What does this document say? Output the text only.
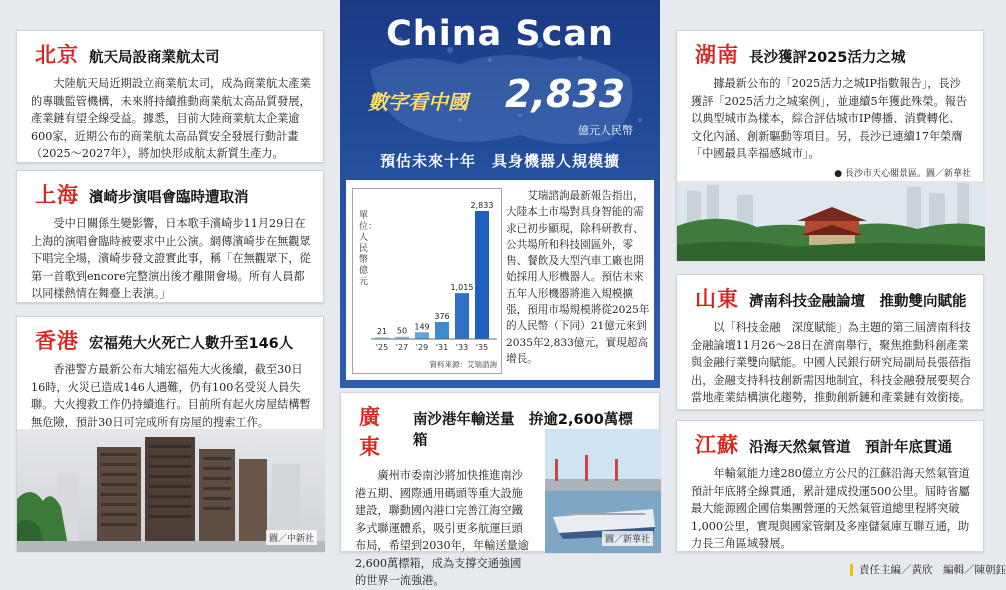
北京 航天局設商業航太司
大陸航天局近期設立商業航太司，成為商業航太產業的專職監管機構，未來將持續推動商業航太高品質發展，產業鏈有望全線受益。據悉，目前大陸商業航太企業逾600家，近期公布的商業航太高品質安全發展行動計畫（2025～2027年），將加快形成航太新質生產力。
上海 濱崎步演唱會臨時遭取消
受中日關係生變影響，日本歌手濱崎步11月29日在上海的演唱會臨時被要求中止公演。網傳濱崎步在無觀眾下唱完全場，濱崎步發文證實此事，稱「在無觀眾下，從第一首歌到encore完整演出後才離開會場。所有人員都以同樣熱情在舞臺上表演。」
香港 宏福苑大火死亡人數升至146人
香港警方最新公布大埔宏福苑大火後續，截至30日16時，火災已造成146人遇難，仍有100名受災人員失聯。大火搜救工作仍持續進行。目前所有起火房屋結構暫無危險，預計30日可完成所有房屋的搜索工作。
圖／中新社
China Scan
數字看中國 2,833
億元人民幣
預估未來十年　具身機器人規模擴
單位：人民幣億元
21
'25
50
'27
149
'29
376
'31
1,015
'33
2,833
'35
資料來源：艾瑞諮詢
艾瑞諮詢最新報告指出，大陸本土市場對具身智能的需求已初步顯現，除科研教育、公共場所和科技園區外，零售、餐飲及大型汽車工廠也開始採用人形機器人。預估未來五年人形機器將進入規模擴張，預用市場規模將從2025年的人民幣（下同）21億元來到2035年2,833億元，實現超高增長。
廣東
南沙港年輸送量　拚逾2,600萬標箱
廣州市委南沙將加快推進南沙港五期、國際通用碼頭等重大設施建設，聯動國內港口完善江海空鐵多式聯運體系，吸引更多航運巨頭布局，希望到2030年，年輸送量逾2,600萬標箱，成為支撐交通強國的世界一流強港。
圖／新華社
湖南 長沙獲評2025活力之城
據最新公布的「2025活力之城IP指數報告」，長沙獲評「2025活力之城案例」，並連續5年獲此殊榮。報告以典型城市為樣本，綜合評估城市IP傳播、消費轉化、文化內涵、創新驅動等項目。另，長沙已連續17年榮膺「中國最具幸福感城市」。
● 長沙市天心閣景區。圖／新華社
山東 濟南科技金融論壇　推動雙向賦能
以「科技金融　深度賦能」為主題的第三屆濟南科技金融論壇11月26～28日在濟南舉行，聚焦推動科創產業與金融行業雙向賦能。中國人民銀行研究局副局長張蓓指出，金融支持科技創新需因地制宜，科技金融發展要契合當地產業結構演化趨勢，推動創新鏈和產業鏈有效銜接。
江蘇 沿海天然氣管道　預計年底貫通
年輸氣能力達280億立方公尺的江蘇沿海天然氣管道預計年底將全線貫通，累計建成投運500公里。屆時省屬最大能源國企國信集團營運的天然氣管道總里程將突破1,000公里，實現與國家管網及多座儲氣庫互聯互通，助力長三角區域發展。
責任主編／黃欣　編輯／陳朝鈺
